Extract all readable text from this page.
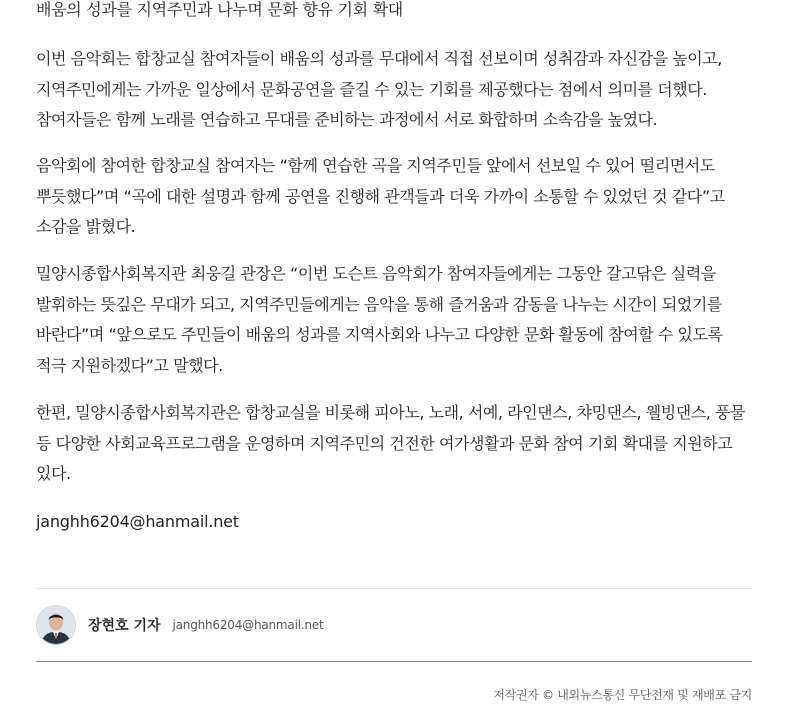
배움의 성과를 지역주민과 나누며 문화 향유 기회 확대

이번 음악회는 합창교실 참여자들이 배움의 성과를 무대에서 직접 선보이며 성취감과 자신감을 높이고, 지역주민에게는 가까운 일상에서 문화공연을 즐길 수 있는 기회를 제공했다는 점에서 의미를 더했다. 참여자들은 함께 노래를 연습하고 무대를 준비하는 과정에서 서로 화합하며 소속감을 높였다.

음악회에 참여한 합창교실 참여자는 “함께 연습한 곡을 지역주민들 앞에서 선보일 수 있어 떨리면서도 뿌듯했다”며 “곡에 대한 설명과 함께 공연을 진행해 관객들과 더욱 가까이 소통할 수 있었던 것 같다”고 소감을 밝혔다.

밀양시종합사회복지관 최웅길 관장은 “이번 도슨트 음악회가 참여자들에게는 그동안 갈고닦은 실력을 발휘하는 뜻깊은 무대가 되고, 지역주민들에게는 음악을 통해 즐거움과 감동을 나누는 시간이 되었기를 바란다”며 “앞으로도 주민들이 배움의 성과를 지역사회와 나누고 다양한 문화 활동에 참여할 수 있도록 적극 지원하겠다”고 말했다.

한편, 밀양시종합사회복지관은 합창교실을 비롯해 피아노, 노래, 서예, 라인댄스, 챠밍댄스, 웰빙댄스, 풍물 등 다양한 사회교육프로그램을 운영하며 지역주민의 건전한 여가생활과 문화 참여 기회 확대를 지원하고 있다.

janghh6204@hanmail.net
장현호 기자 janghh6204@hanmail.net
저작권자 © 내외뉴스통신 무단전재 및 재배포 금지
